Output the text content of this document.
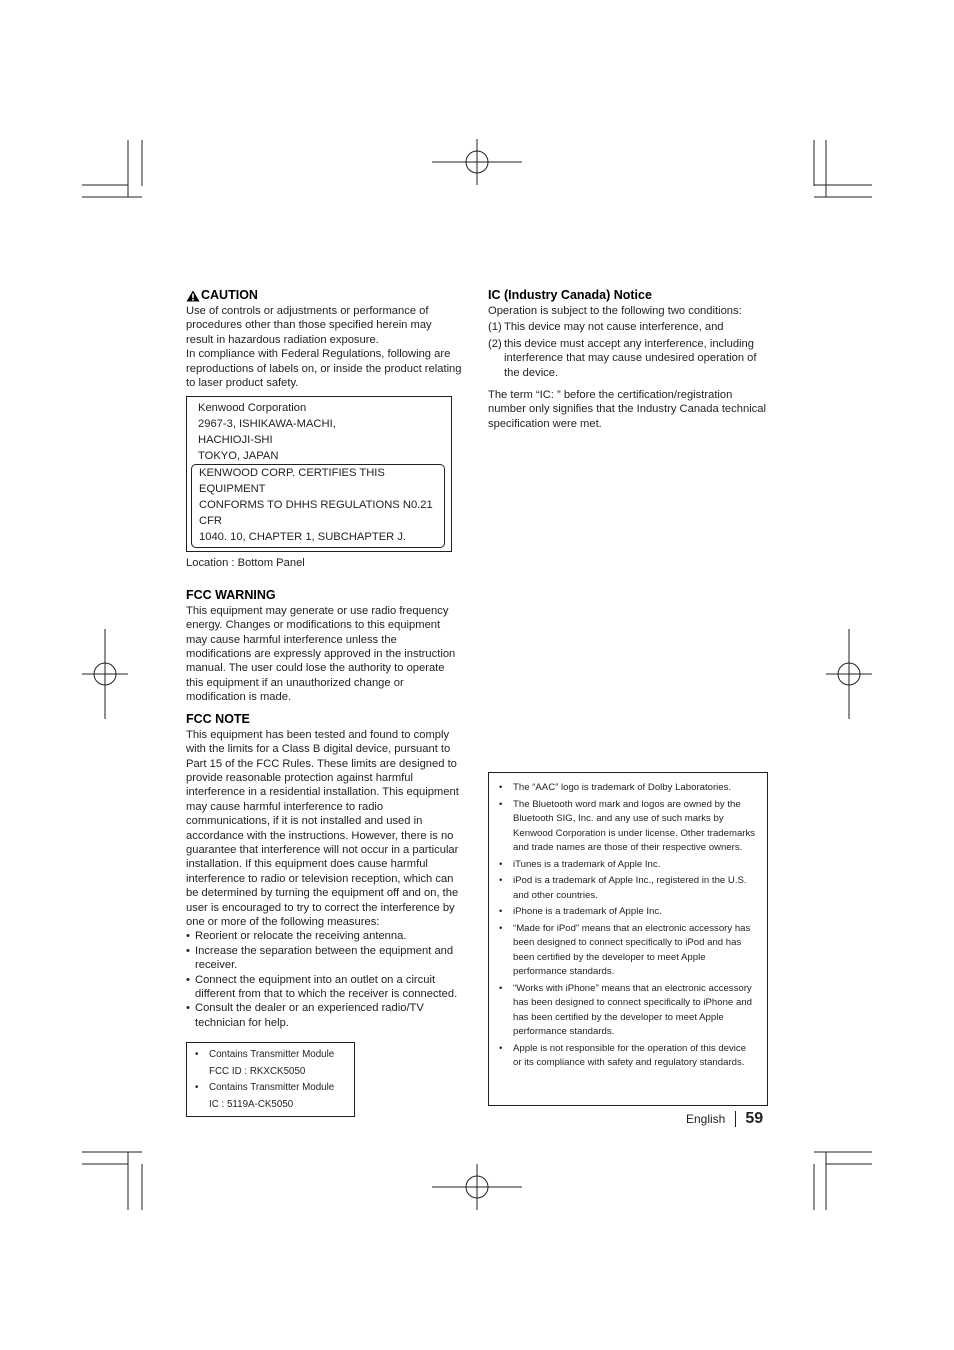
CAUTION

Use of controls or adjustments or performance of procedures other than those specified herein may result in hazardous radiation exposure.

In compliance with Federal Regulations, following are reproductions of labels on, or inside the product relating to laser product safety.

Kenwood Corporation
2967-3, ISHIKAWA-MACHI,
HACHIOJI-SHI
TOKYO, JAPAN
KENWOOD CORP. CERTIFIES THIS EQUIPMENT
CONFORMS TO DHHS REGULATIONS N0.21 CFR
1040. 10, CHAPTER 1, SUBCHAPTER J.

Location : Bottom Panel

FCC WARNING

This equipment may generate or use radio frequency energy. Changes or modifications to this equipment may cause harmful interference unless the modifications are expressly approved in the instruction manual. The user could lose the authority to operate this equipment if an unauthorized change or modification is made.

FCC NOTE

This equipment has been tested and found to comply with the limits for a Class B digital device, pursuant to Part 15 of the FCC Rules. These limits are designed to provide reasonable protection against harmful interference in a residential installation. This equipment may cause harmful interference to radio communications, if it is not installed and used in accordance with the instructions. However, there is no guarantee that interference will not occur in a particular installation. If this equipment does cause harmful interference to radio or television reception, which can be determined by turning the equipment off and on, the user is encouraged to try to correct the interference by one or more of the following measures:

• Reorient or relocate the receiving antenna.
• Increase the separation between the equipment and receiver.
• Connect the equipment into an outlet on a circuit different from that to which the receiver is connected.
• Consult the dealer or an experienced radio/TV technician for help.
• Contains Transmitter Module
FCC ID : RKXCK5050
• Contains Transmitter Module
IC : 5119A-CK5050
IC (Industry Canada) Notice

Operation is subject to the following two conditions:

(1) This device may not cause interference, and
(2) this device must accept any interference, including interference that may cause undesired operation of the device.

The term “IC: ” before the certification/registration number only signifies that the Industry Canada technical specification were met.

• The “AAC” logo is trademark of Dolby Laboratories.
• The Bluetooth word mark and logos are owned by the Bluetooth SIG, Inc. and any use of such marks by Kenwood Corporation is under license. Other trademarks and trade names are those of their respective owners.
• iTunes is a trademark of Apple Inc.
• iPod is a trademark of Apple Inc., registered in the U.S. and other countries.
• iPhone is a trademark of Apple Inc.
• “Made for iPod” means that an electronic accessory has been designed to connect specifically to iPod and has been certified by the developer to meet Apple performance standards.
• “Works with iPhone” means that an electronic accessory has been designed to connect specifically to iPhone and has been certified by the developer to meet Apple performance standards.
• Apple is not responsible for the operation of this device or its compliance with safety and regulatory standards.
English 59
